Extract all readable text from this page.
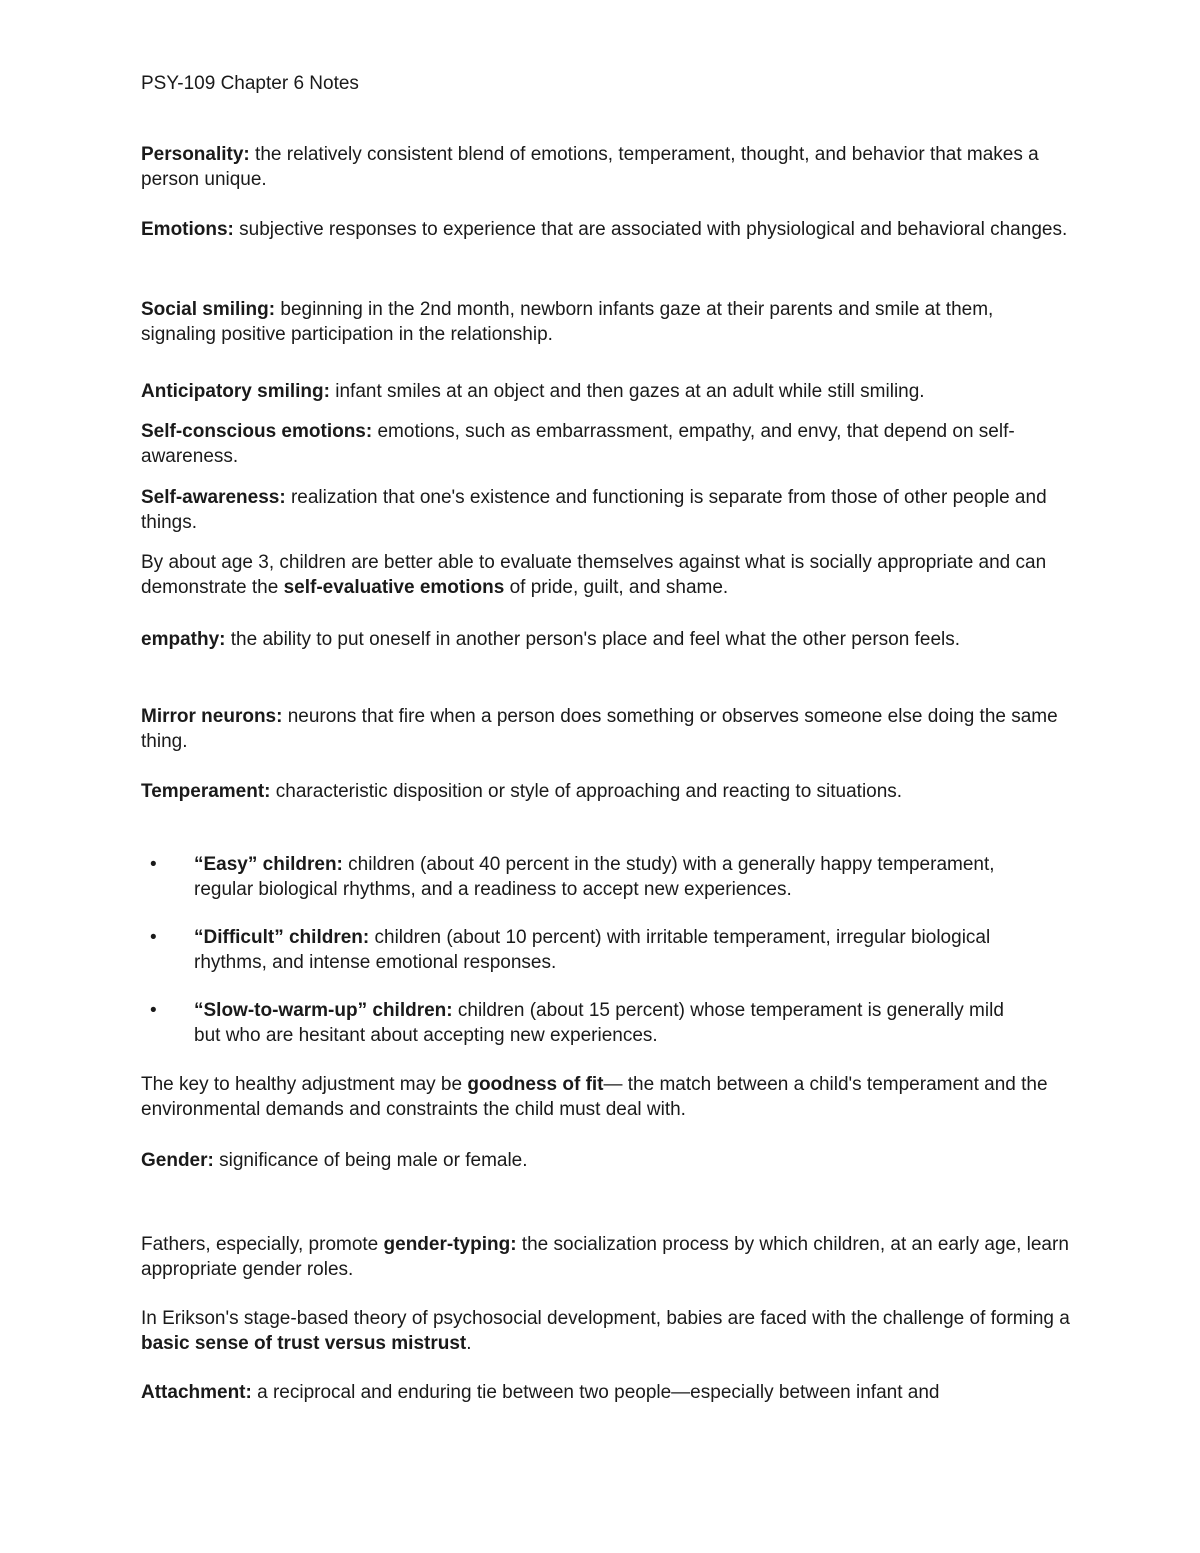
PSY-109 Chapter 6 Notes

Personality: the relatively consistent blend of emotions, temperament, thought, and behavior that makes a person unique.

Emotions: subjective responses to experience that are associated with physiological and behavioral changes.

Social smiling: beginning in the 2nd month, newborn infants gaze at their parents and smile at them, signaling positive participation in the relationship.

Anticipatory smiling: infant smiles at an object and then gazes at an adult while still smiling.

Self-conscious emotions: emotions, such as embarrassment, empathy, and envy, that depend on self-awareness.

Self-awareness: realization that one's existence and functioning is separate from those of other people and things.

By about age 3, children are better able to evaluate themselves against what is socially appropriate and can demonstrate the self-evaluative emotions of pride, guilt, and shame.

empathy: the ability to put oneself in another person's place and feel what the other person feels.

Mirror neurons: neurons that fire when a person does something or observes someone else doing the same thing.

Temperament: characteristic disposition or style of approaching and reacting to situations.

•	“Easy” children: children (about 40 percent in the study) with a generally happy temperament, regular biological rhythms, and a readiness to accept new experiences.

•	“Difficult” children: children (about 10 percent) with irritable temperament, irregular biological rhythms, and intense emotional responses.

•	“Slow-to-warm-up” children: children (about 15 percent) whose temperament is generally mild but who are hesitant about accepting new experiences.

The key to healthy adjustment may be goodness of fit— the match between a child's temperament and the environmental demands and constraints the child must deal with.

Gender: significance of being male or female.

Fathers, especially, promote gender-typing: the socialization process by which children, at an early age, learn appropriate gender roles.

In Erikson's stage-based theory of psychosocial development, babies are faced with the challenge of forming a basic sense of trust versus mistrust.

Attachment: a reciprocal and enduring tie between two people—especially between infant and
